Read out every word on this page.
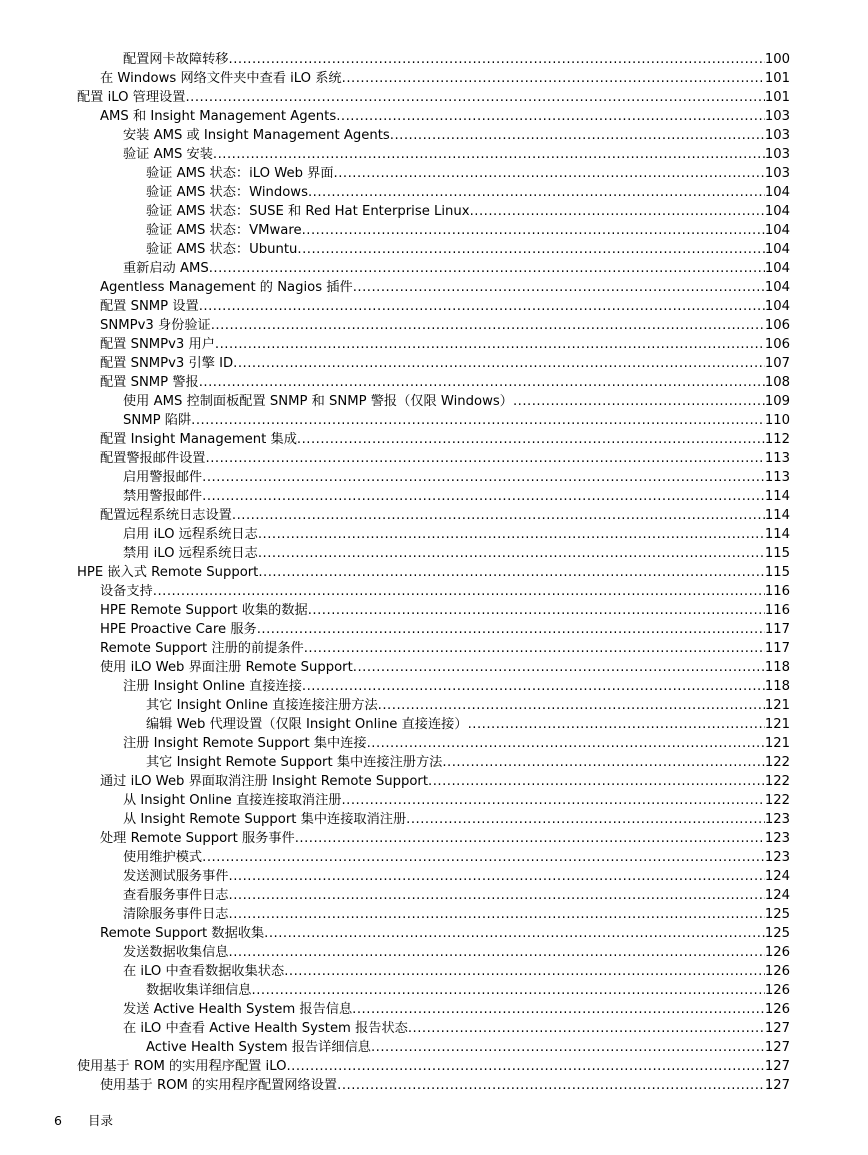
配置网卡故障转移 .....	100
在 Windows 网络文件夹中查看 iLO 系统 .....	101
配置 iLO 管理设置 .....	101
AMS 和 Insight Management Agents .....	103
安装 AMS 或 Insight Management Agents .....	103
验证 AMS 安装 .....	103
验证 AMS 状态：iLO Web 界面 .....	103
验证 AMS 状态：Windows .....	104
验证 AMS 状态：SUSE 和 Red Hat Enterprise Linux .....	104
验证 AMS 状态：VMware .....	104
验证 AMS 状态：Ubuntu .....	104
重新启动 AMS .....	104
Agentless Management 的 Nagios 插件 .....	104
配置 SNMP 设置 .....	104
SNMPv3 身份验证 .....	106
配置 SNMPv3 用户 .....	106
配置 SNMPv3 引擎 ID .....	107
配置 SNMP 警报 .....	108
使用 AMS 控制面板配置 SNMP 和 SNMP 警报（仅限 Windows） .....	109
SNMP 陷阱 .....	110
配置 Insight Management 集成 .....	112
配置警报邮件设置 .....	113
启用警报邮件 .....	113
禁用警报邮件 .....	114
配置远程系统日志设置 .....	114
启用 iLO 远程系统日志 .....	114
禁用 iLO 远程系统日志 .....	115
HPE 嵌入式 Remote Support .....	115
设备支持 .....	116
HPE Remote Support 收集的数据 .....	116
HPE Proactive Care 服务 .....	117
Remote Support 注册的前提条件 .....	117
使用 iLO Web 界面注册 Remote Support .....	118
注册 Insight Online 直接连接 .....	118
其它 Insight Online 直接连接注册方法 .....	121
编辑 Web 代理设置（仅限 Insight Online 直接连接） .....	121
注册 Insight Remote Support 集中连接 .....	121
其它 Insight Remote Support 集中连接注册方法 .....	122
通过 iLO Web 界面取消注册 Insight Remote Support .....	122
从 Insight Online 直接连接取消注册 .....	122
从 Insight Remote Support 集中连接取消注册 .....	123
处理 Remote Support 服务事件 .....	123
使用维护模式 .....	123
发送测试服务事件 .....	124
查看服务事件日志 .....	124
清除服务事件日志 .....	125
Remote Support 数据收集 .....	125
发送数据收集信息 .....	126
在 iLO 中查看数据收集状态 .....	126
数据收集详细信息 .....	126
发送 Active Health System 报告信息 .....	126
在 iLO 中查看 Active Health System 报告状态 .....	127
Active Health System 报告详细信息 .....	127
使用基于 ROM 的实用程序配置 iLO .....	127
使用基于 ROM 的实用程序配置网络设置 .....	127
6 目录
